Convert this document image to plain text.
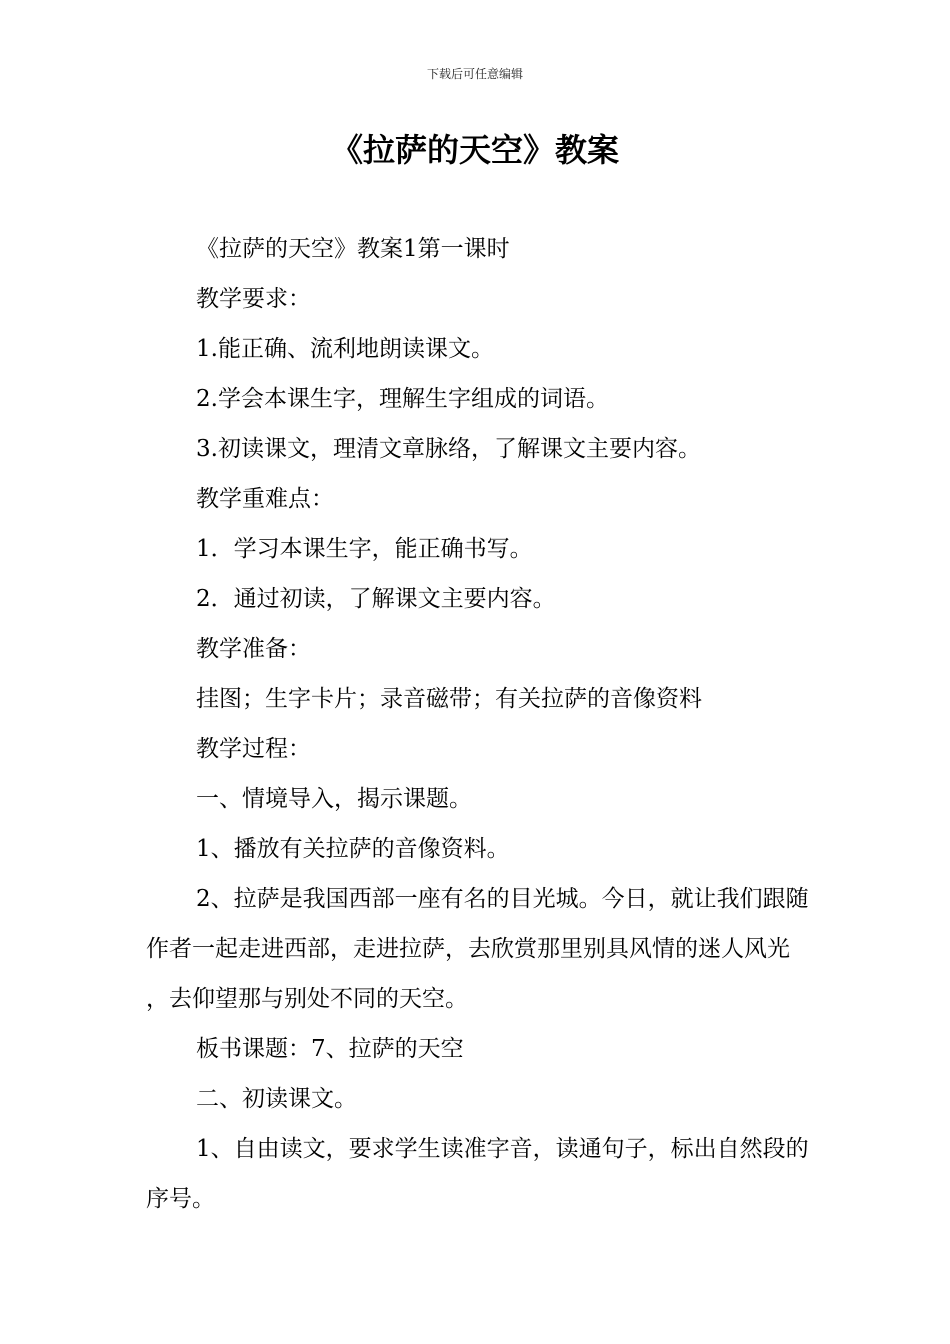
下载后可任意编辑
《拉萨的天空》教案

《拉萨的天空》教案1第一课时

教学要求：

1.能正确、流利地朗读课文。

2.学会本课生字，理解生字组成的词语。

3.初读课文，理清文章脉络，了解课文主要内容。

教学重难点：

1．学习本课生字，能正确书写。

2．通过初读，了解课文主要内容。

教学准备：

挂图；生字卡片；录音磁带；有关拉萨的音像资料

教学过程：

一、情境导入，揭示课题。

1、播放有关拉萨的音像资料。

2、拉萨是我国西部一座有名的目光城。今日，就让我们跟随作者一起走进西部，走进拉萨，去欣赏那里别具风情的迷人风光，去仰望那与别处不同的天空。

板书课题：7、拉萨的天空

二、初读课文。

1、自由读文，要求学生读准字音，读通句子，标出自然段的序号。
